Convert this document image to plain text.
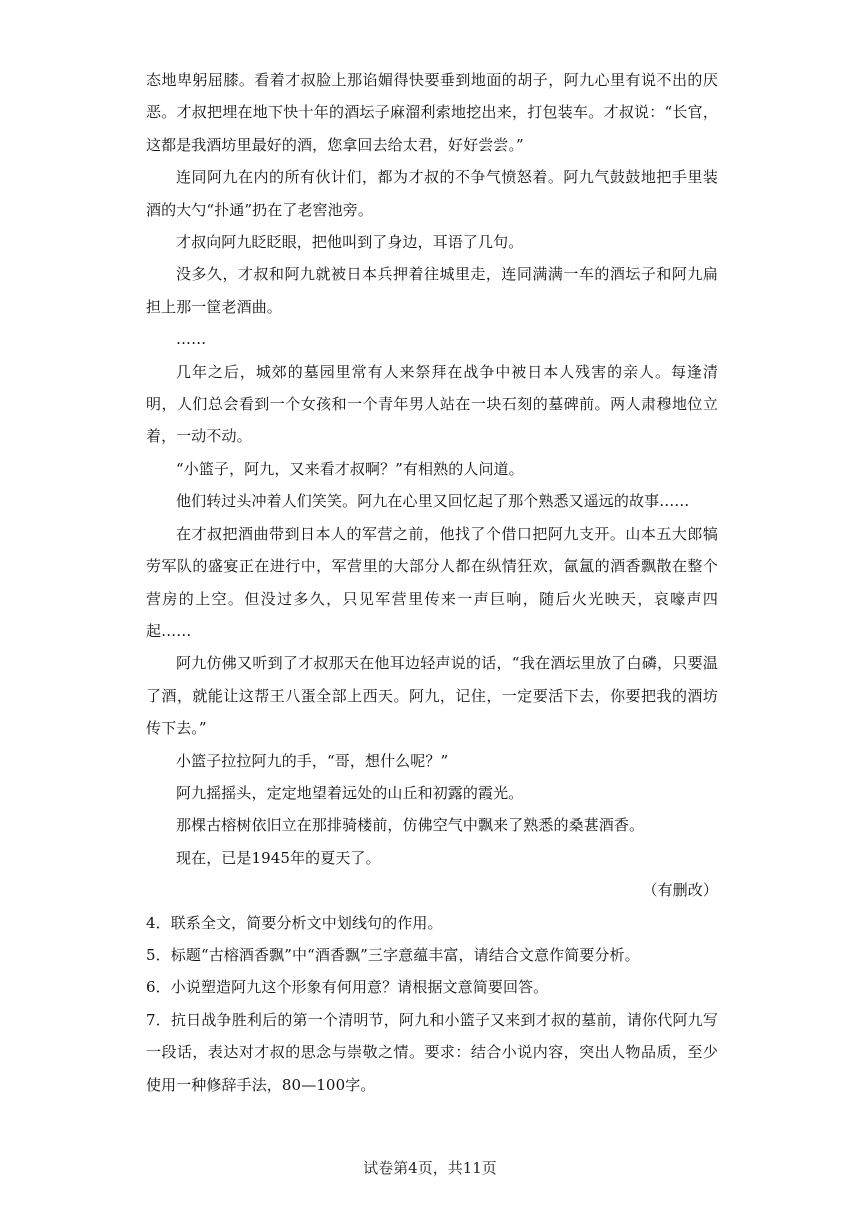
态地卑躬屈膝。看着才叔脸上那谄媚得快要垂到地面的胡子，阿九心里有说不出的厌恶。才叔把埋在地下快十年的酒坛子麻溜利索地挖出来，打包装车。才叔说：“长官，这都是我酒坊里最好的酒，您拿回去给太君，好好尝尝。”

连同阿九在内的所有伙计们，都为才叔的不争气愤怒着。阿九气鼓鼓地把手里装酒的大勺“扑通”扔在了老窖池旁。

才叔向阿九眨眨眼，把他叫到了身边，耳语了几句。

没多久，才叔和阿九就被日本兵押着往城里走，连同满满一车的酒坛子和阿九扁担上那一筐老酒曲。

……

几年之后，城郊的墓园里常有人来祭拜在战争中被日本人残害的亲人。每逢清明，人们总会看到一个女孩和一个青年男人站在一块石刻的墓碑前。两人肃穆地位立着，一动不动。

“小篮子，阿九，又来看才叔啊？”有相熟的人问道。

他们转过头冲着人们笑笑。阿九在心里又回忆起了那个熟悉又遥远的故事……

在才叔把酒曲带到日本人的军营之前，他找了个借口把阿九支开。山本五大郎犒劳军队的盛宴正在进行中，军营里的大部分人都在纵情狂欢，氤氲的酒香飘散在整个营房的上空。但没过多久，只见军营里传来一声巨响，随后火光映天，哀嚎声四起……

阿九仿佛又听到了才叔那天在他耳边轻声说的话，“我在酒坛里放了白磷，只要温了酒，就能让这帮王八蛋全部上西天。阿九，记住，一定要活下去，你要把我的酒坊传下去。”

小篮子拉拉阿九的手，“哥，想什么呢？”

阿九摇摇头，定定地望着远处的山丘和初露的霞光。

那棵古榕树依旧立在那排骑楼前，仿佛空气中飘来了熟悉的桑葚酒香。

现在，已是1945年的夏天了。

（有删改）

4．联系全文，简要分析文中划线句的作用。

5．标题“古榕酒香飘”中“酒香飘”三字意蕴丰富，请结合文意作简要分析。

6．小说塑造阿九这个形象有何用意？请根据文意简要回答。

7．抗日战争胜利后的第一个清明节，阿九和小篮子又来到才叔的墓前，请你代阿九写一段话，表达对才叔的思念与崇敬之情。要求：结合小说内容，突出人物品质，至少使用一种修辞手法，80—100字。

试卷第4页，共11页
